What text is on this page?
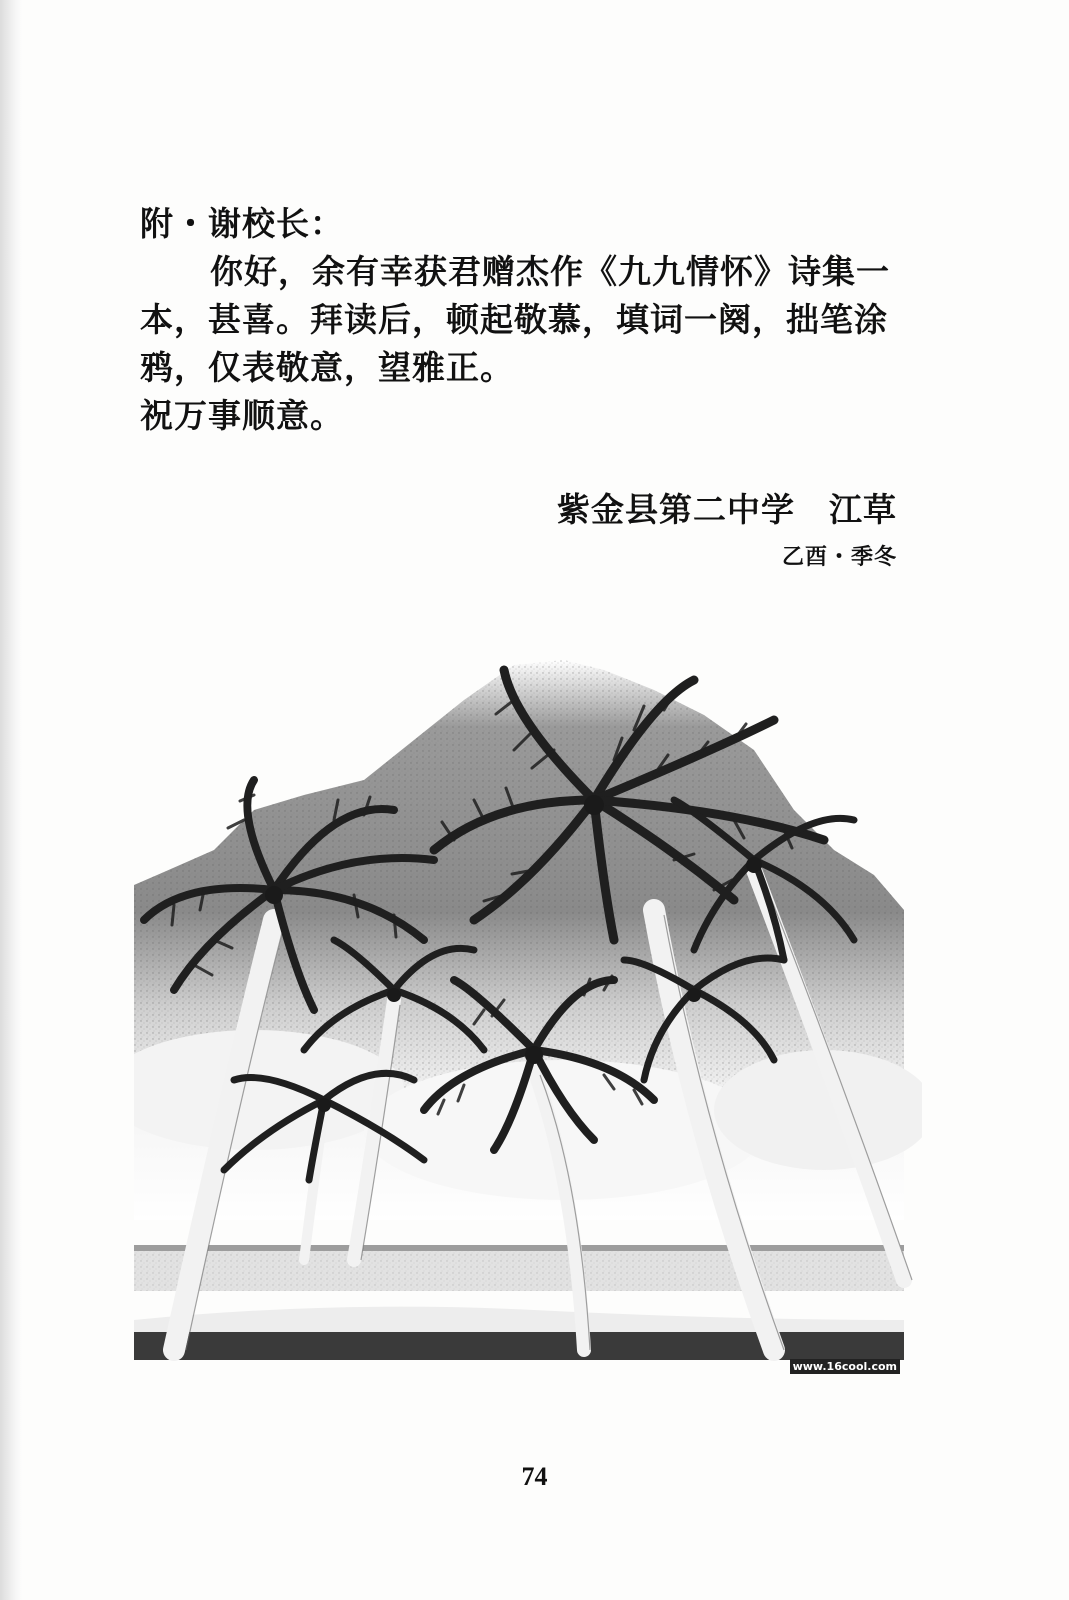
附・谢校长：

你好，余有幸获君赠杰作《九九情怀》诗集一本，甚喜。拜读后，顿起敬慕，填词一阕，拙笔涂鸦，仅表敬意，望雅正。

祝万事顺意。

紫金县第二中学　江草
乙酉・季冬
www.16cool.com
74
